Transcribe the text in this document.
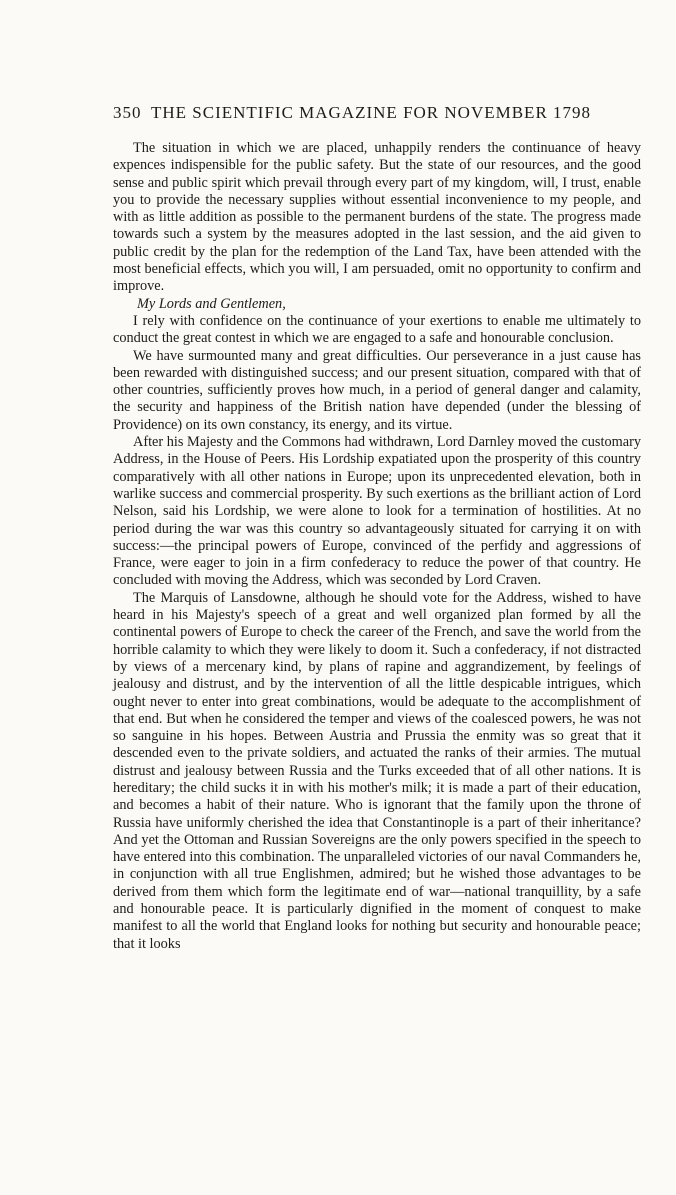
350 THE SCIENTIFIC MAGAZINE FOR NOVEMBER 1798

The situation in which we are placed, unhappily renders the continuance of heavy expences indispensible for the public safety. But the state of our resources, and the good sense and public spirit which prevail through every part of my kingdom, will, I trust, enable you to provide the necessary supplies without essential inconvenience to my people, and with as little addition as possible to the permanent burdens of the state. The progress made towards such a system by the measures adopted in the last session, and the aid given to public credit by the plan for the redemption of the Land Tax, have been attended with the most beneficial effects, which you will, I am persuaded, omit no opportunity to confirm and improve.

My Lords and Gentlemen,

I rely with confidence on the continuance of your exertions to enable me ultimately to conduct the great contest in which we are engaged to a safe and honourable conclusion.

We have surmounted many and great difficulties. Our perseverance in a just cause has been rewarded with distinguished success; and our present situation, compared with that of other countries, sufficiently proves how much, in a period of general danger and calamity, the security and happiness of the British nation have depended (under the blessing of Providence) on its own constancy, its energy, and its virtue.

After his Majesty and the Commons had withdrawn, Lord Darnley moved the customary Address, in the House of Peers. His Lordship expatiated upon the prosperity of this country comparatively with all other nations in Europe; upon its unprecedented elevation, both in warlike success and commercial prosperity. By such exertions as the brilliant action of Lord Nelson, said his Lordship, we were alone to look for a termination of hostilities. At no period during the war was this country so advantageously situated for carrying it on with success:—the principal powers of Europe, convinced of the perfidy and aggressions of France, were eager to join in a firm confederacy to reduce the power of that country. He concluded with moving the Address, which was seconded by Lord Craven.

The Marquis of Lansdowne, although he should vote for the Address, wished to have heard in his Majesty's speech of a great and well organized plan formed by all the continental powers of Europe to check the career of the French, and save the world from the horrible calamity to which they were likely to doom it. Such a confederacy, if not distracted by views of a mercenary kind, by plans of rapine and aggrandizement, by feelings of jealousy and distrust, and by the intervention of all the little despicable intrigues, which ought never to enter into great combinations, would be adequate to the accomplishment of that end. But when he considered the temper and views of the coalesced powers, he was not so sanguine in his hopes. Between Austria and Prussia the enmity was so great that it descended even to the private soldiers, and actuated the ranks of their armies. The mutual distrust and jealousy between Russia and the Turks exceeded that of all other nations. It is hereditary; the child sucks it in with his mother's milk; it is made a part of their education, and becomes a habit of their nature. Who is ignorant that the family upon the throne of Russia have uniformly cherished the idea that Constantinople is a part of their inheritance? And yet the Ottoman and Russian Sovereigns are the only powers specified in the speech to have entered into this combination. The unparalleled victories of our naval Commanders he, in conjunction with all true Englishmen, admired; but he wished those advantages to be derived from them which form the legitimate end of war—national tranquillity, by a safe and honourable peace. It is particularly dignified in the moment of conquest to make manifest to all the world that England looks for nothing but security and honourable peace; that it looks
